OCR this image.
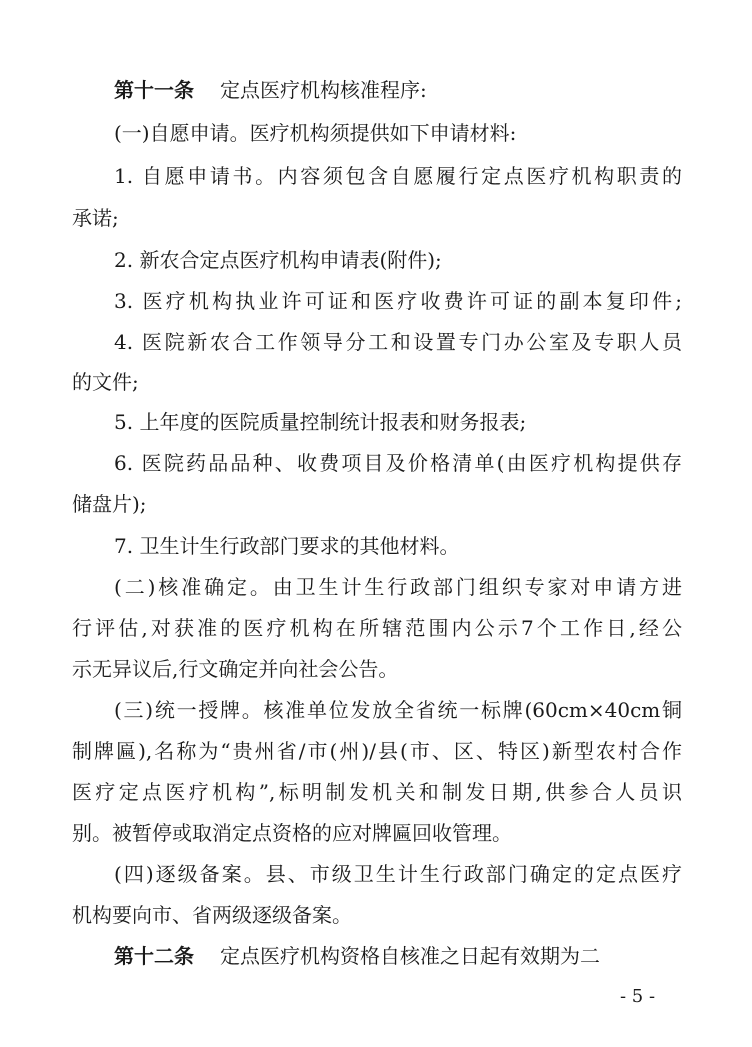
第十一条 定点医疗机构核准程序:
(一)自愿申请。医疗机构须提供如下申请材料:
1. 自愿申请书。内容须包含自愿履行定点医疗机构职责的
承诺;
2. 新农合定点医疗机构申请表(附件);
3. 医疗机构执业许可证和医疗收费许可证的副本复印件;
4. 医院新农合工作领导分工和设置专门办公室及专职人员
的文件;
5. 上年度的医院质量控制统计报表和财务报表;
6. 医院药品品种、收费项目及价格清单(由医疗机构提供存
储盘片);
7. 卫生计生行政部门要求的其他材料。
(二)核准确定。由卫生计生行政部门组织专家对申请方进
行评估,对获准的医疗机构在所辖范围内公示7个工作日,经公
示无异议后,行文确定并向社会公告。
(三)统一授牌。核准单位发放全省统一标牌(60cm×40cm铜
制牌匾),名称为“贵州省/市(州)/县(市、区、特区)新型农村合作
医疗定点医疗机构”,标明制发机关和制发日期,供参合人员识
别。被暂停或取消定点资格的应对牌匾回收管理。
(四)逐级备案。县、市级卫生计生行政部门确定的定点医疗
机构要向市、省两级逐级备案。
第十二条 定点医疗机构资格自核准之日起有效期为二
- 5 -
